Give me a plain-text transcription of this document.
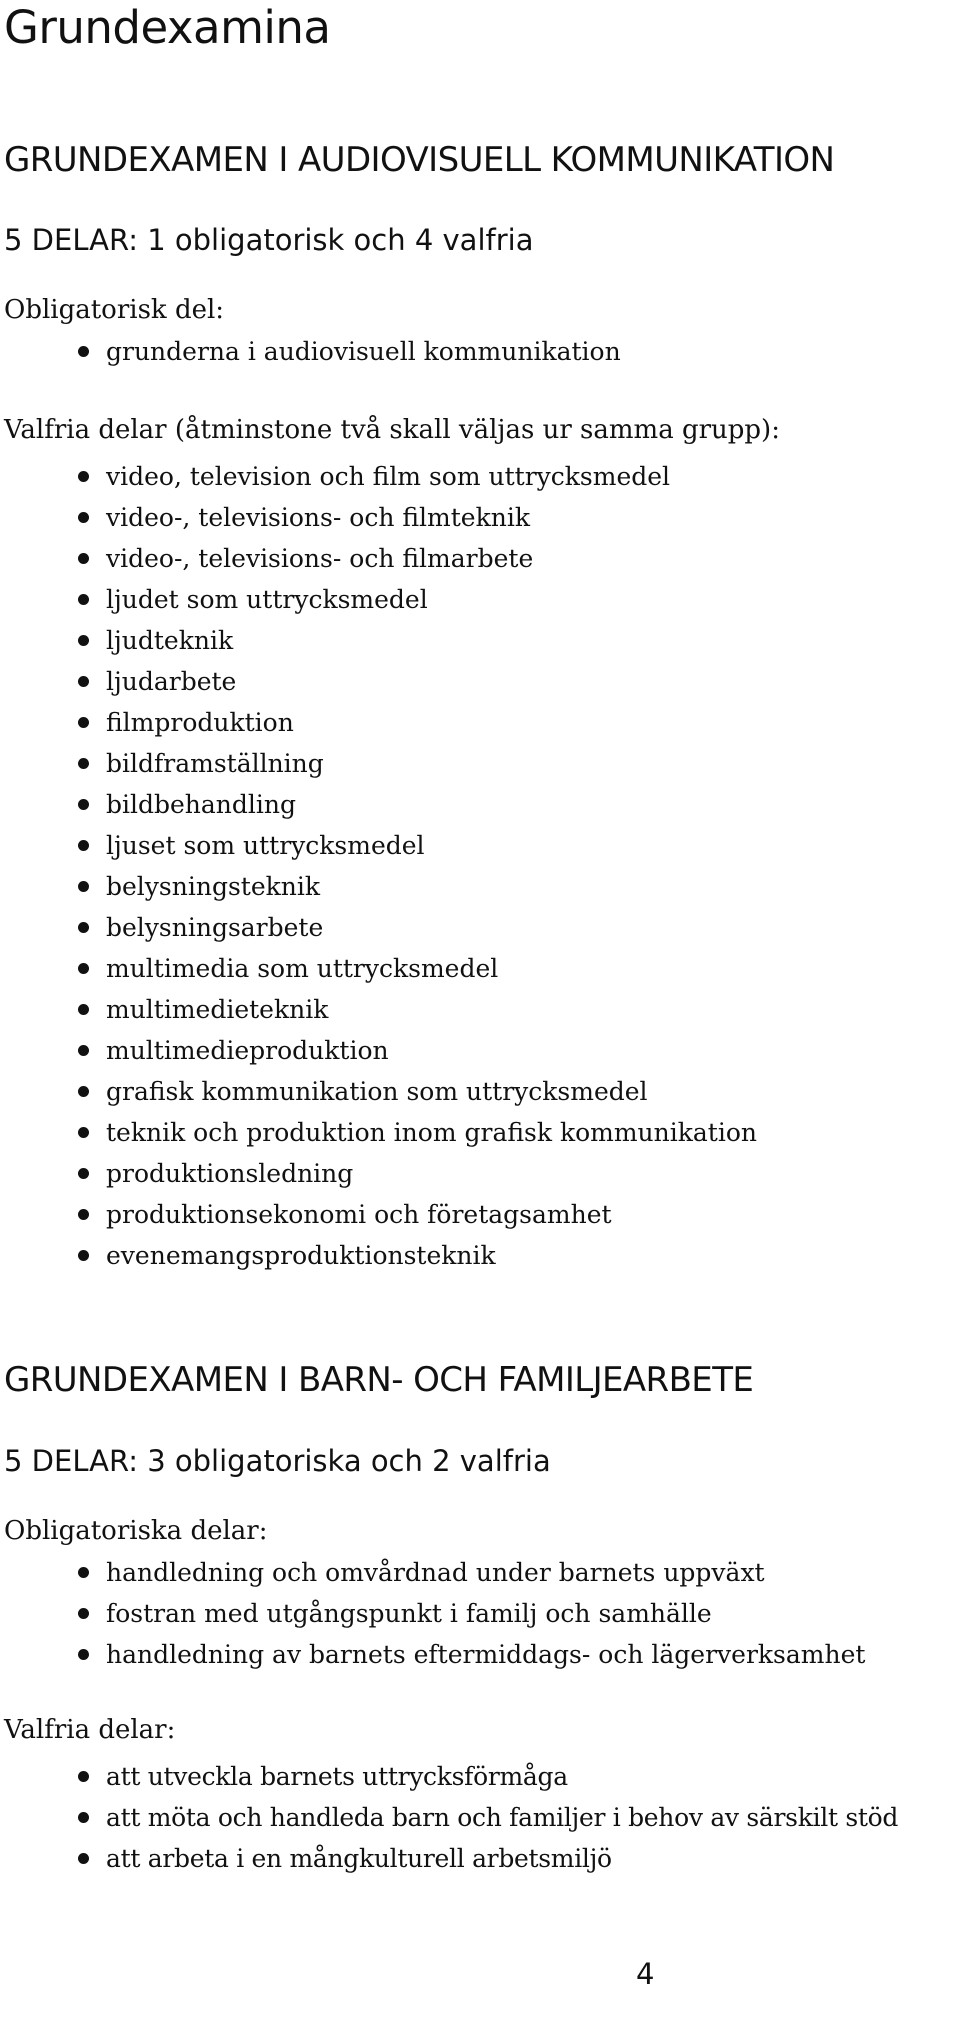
Grundexamina
GRUNDEXAMEN I AUDIOVISUELL KOMMUNIKATION

5 DELAR: 1 obligatorisk och 4 valfria

Obligatorisk del:

grunderna i audiovisuell kommunikation

Valfria delar (åtminstone två skall väljas ur samma grupp):

video, television och film som uttrycksmedel
video-, televisions- och filmteknik
video-, televisions- och filmarbete
ljudet som uttrycksmedel
ljudteknik
ljudarbete
filmproduktion
bildframställning
bildbehandling
ljuset som uttrycksmedel
belysningsteknik
belysningsarbete
multimedia som uttrycksmedel
multimedieteknik
multimedieproduktion
grafisk kommunikation som uttrycksmedel
teknik och produktion inom grafisk kommunikation
produktionsledning
produktionsekonomi och företagsamhet
evenemangsproduktionsteknik
GRUNDEXAMEN I BARN- OCH FAMILJEARBETE

5 DELAR: 3 obligatoriska och 2 valfria

Obligatoriska delar:

handledning och omvårdnad under barnets uppväxt
fostran med utgångspunkt i familj och samhälle
handledning av barnets eftermiddags- och lägerverksamhet

Valfria delar:

att utveckla barnets uttrycksförmåga
att möta och handleda barn och familjer i behov av särskilt stöd
att arbeta i en mångkulturell arbetsmiljö

4
